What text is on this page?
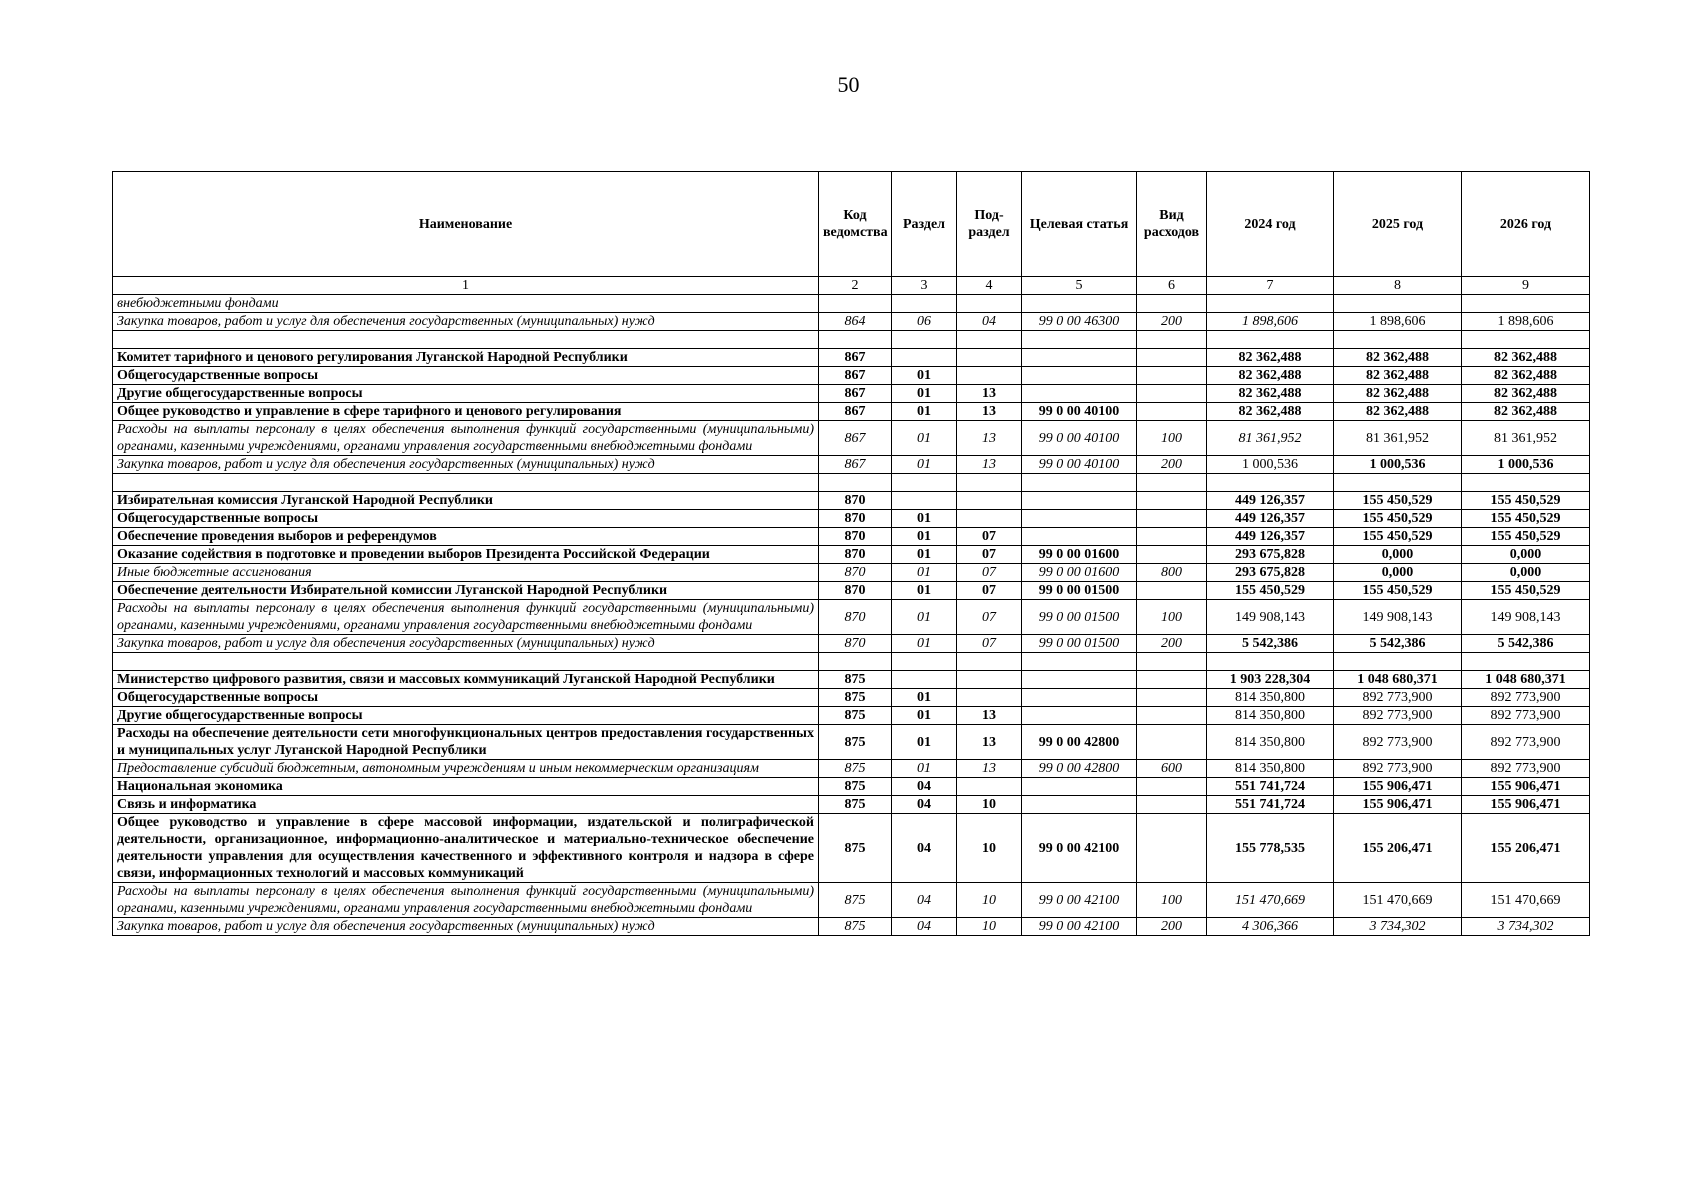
50
Наименование	Код ведомства	Раздел	Под-раздел	Целевая статья	Вид расходов	2024 год	2025 год	2026 год
1	2	3	4	5	6	7	8	9
внебюджетными фондами								
Закупка товаров, работ и услуг для обеспечения государственных (муниципальных) нужд	864	06	04	99 0 00 46300	200	1 898,606	1 898,606	1 898,606

Комитет тарифного и ценового регулирования Луганской Народной Республики	867					82 362,488	82 362,488	82 362,488
Общегосударственные вопросы	867	01				82 362,488	82 362,488	82 362,488
Другие общегосударственные вопросы	867	01	13			82 362,488	82 362,488	82 362,488
Общее руководство и управление в сфере тарифного и ценового регулирования	867	01	13	99 0 00 40100		82 362,488	82 362,488	82 362,488
Расходы на выплаты персоналу в целях обеспечения выполнения функций государственными (муниципальными) органами, казенными учреждениями, органами управления государственными внебюджетными фондами	867	01	13	99 0 00 40100	100	81 361,952	81 361,952	81 361,952
Закупка товаров, работ и услуг для обеспечения государственных (муниципальных) нужд	867	01	13	99 0 00 40100	200	1 000,536	1 000,536	1 000,536

Избирательная комиссия Луганской Народной Республики	870					449 126,357	155 450,529	155 450,529
Общегосударственные вопросы	870	01				449 126,357	155 450,529	155 450,529
Обеспечение проведения выборов и референдумов	870	01	07			449 126,357	155 450,529	155 450,529
Оказание содействия в подготовке и проведении выборов Президента Российской Федерации	870	01	07	99 0 00 01600		293 675,828	0,000	0,000
Иные бюджетные ассигнования	870	01	07	99 0 00 01600	800	293 675,828	0,000	0,000
Обеспечение деятельности Избирательной комиссии Луганской Народной Республики	870	01	07	99 0 00 01500		155 450,529	155 450,529	155 450,529
Расходы на выплаты персоналу в целях обеспечения выполнения функций государственными (муниципальными) органами, казенными учреждениями, органами управления государственными внебюджетными фондами	870	01	07	99 0 00 01500	100	149 908,143	149 908,143	149 908,143
Закупка товаров, работ и услуг для обеспечения государственных (муниципальных) нужд	870	01	07	99 0 00 01500	200	5 542,386	5 542,386	5 542,386

Министерство цифрового развития, связи и массовых коммуникаций Луганской Народной Республики	875					1 903 228,304	1 048 680,371	1 048 680,371
Общегосударственные вопросы	875	01				814 350,800	892 773,900	892 773,900
Другие общегосударственные вопросы	875	01	13			814 350,800	892 773,900	892 773,900
Расходы на обеспечение деятельности сети многофункциональных центров предоставления государственных и муниципальных услуг Луганской Народной Республики	875	01	13	99 0 00 42800		814 350,800	892 773,900	892 773,900
Предоставление субсидий бюджетным, автономным учреждениям и иным некоммерческим организациям	875	01	13	99 0 00 42800	600	814 350,800	892 773,900	892 773,900
Национальная экономика	875	04				551 741,724	155 906,471	155 906,471
Связь и информатика	875	04	10			551 741,724	155 906,471	155 906,471
Общее руководство и управление в сфере массовой информации, издательской и полиграфической деятельности, организационное, информационно-аналитическое и материально-техническое обеспечение деятельности управления для осуществления качественного и эффективного контроля и надзора в сфере связи, информационных технологий и массовых коммуникаций	875	04	10	99 0 00 42100		155 778,535	155 206,471	155 206,471
Расходы на выплаты персоналу в целях обеспечения выполнения функций государственными (муниципальными) органами, казенными учреждениями, органами управления государственными внебюджетными фондами	875	04	10	99 0 00 42100	100	151 470,669	151 470,669	151 470,669
Закупка товаров, работ и услуг для обеспечения государственных (муниципальных) нужд	875	04	10	99 0 00 42100	200	4 306,366	3 734,302	3 734,302
